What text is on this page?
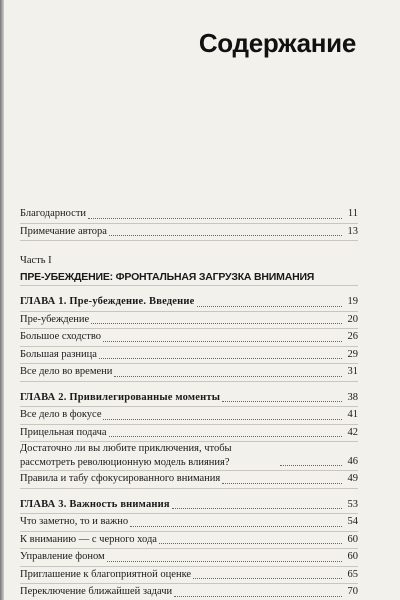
Содержание
Благодарности	11
Примечание автора	13
Часть I
ПРЕ-УБЕЖДЕНИЕ: ФРОНТАЛЬНАЯ ЗАГРУЗКА ВНИМАНИЯ
ГЛАВА 1. Пре-убеждение. Введение	19
Пре-убеждение	20
Большое сходство	26
Большая разница	29
Все дело во времени	31
ГЛАВА 2. Привилегированные моменты	38
Все дело в фокусе	41
Прицельная подача	42
Достаточно ли вы любите приключения, чтобы рассмотреть революционную модель влияния?	46
Правила и табу сфокусированного внимания	49
ГЛАВА 3. Важность внимания	53
Что заметно, то и важно	54
К вниманию — с черного хода	60
Управление фоном	60
Приглашение к благоприятной оценке	65
Переключение ближайшей задачи	70
